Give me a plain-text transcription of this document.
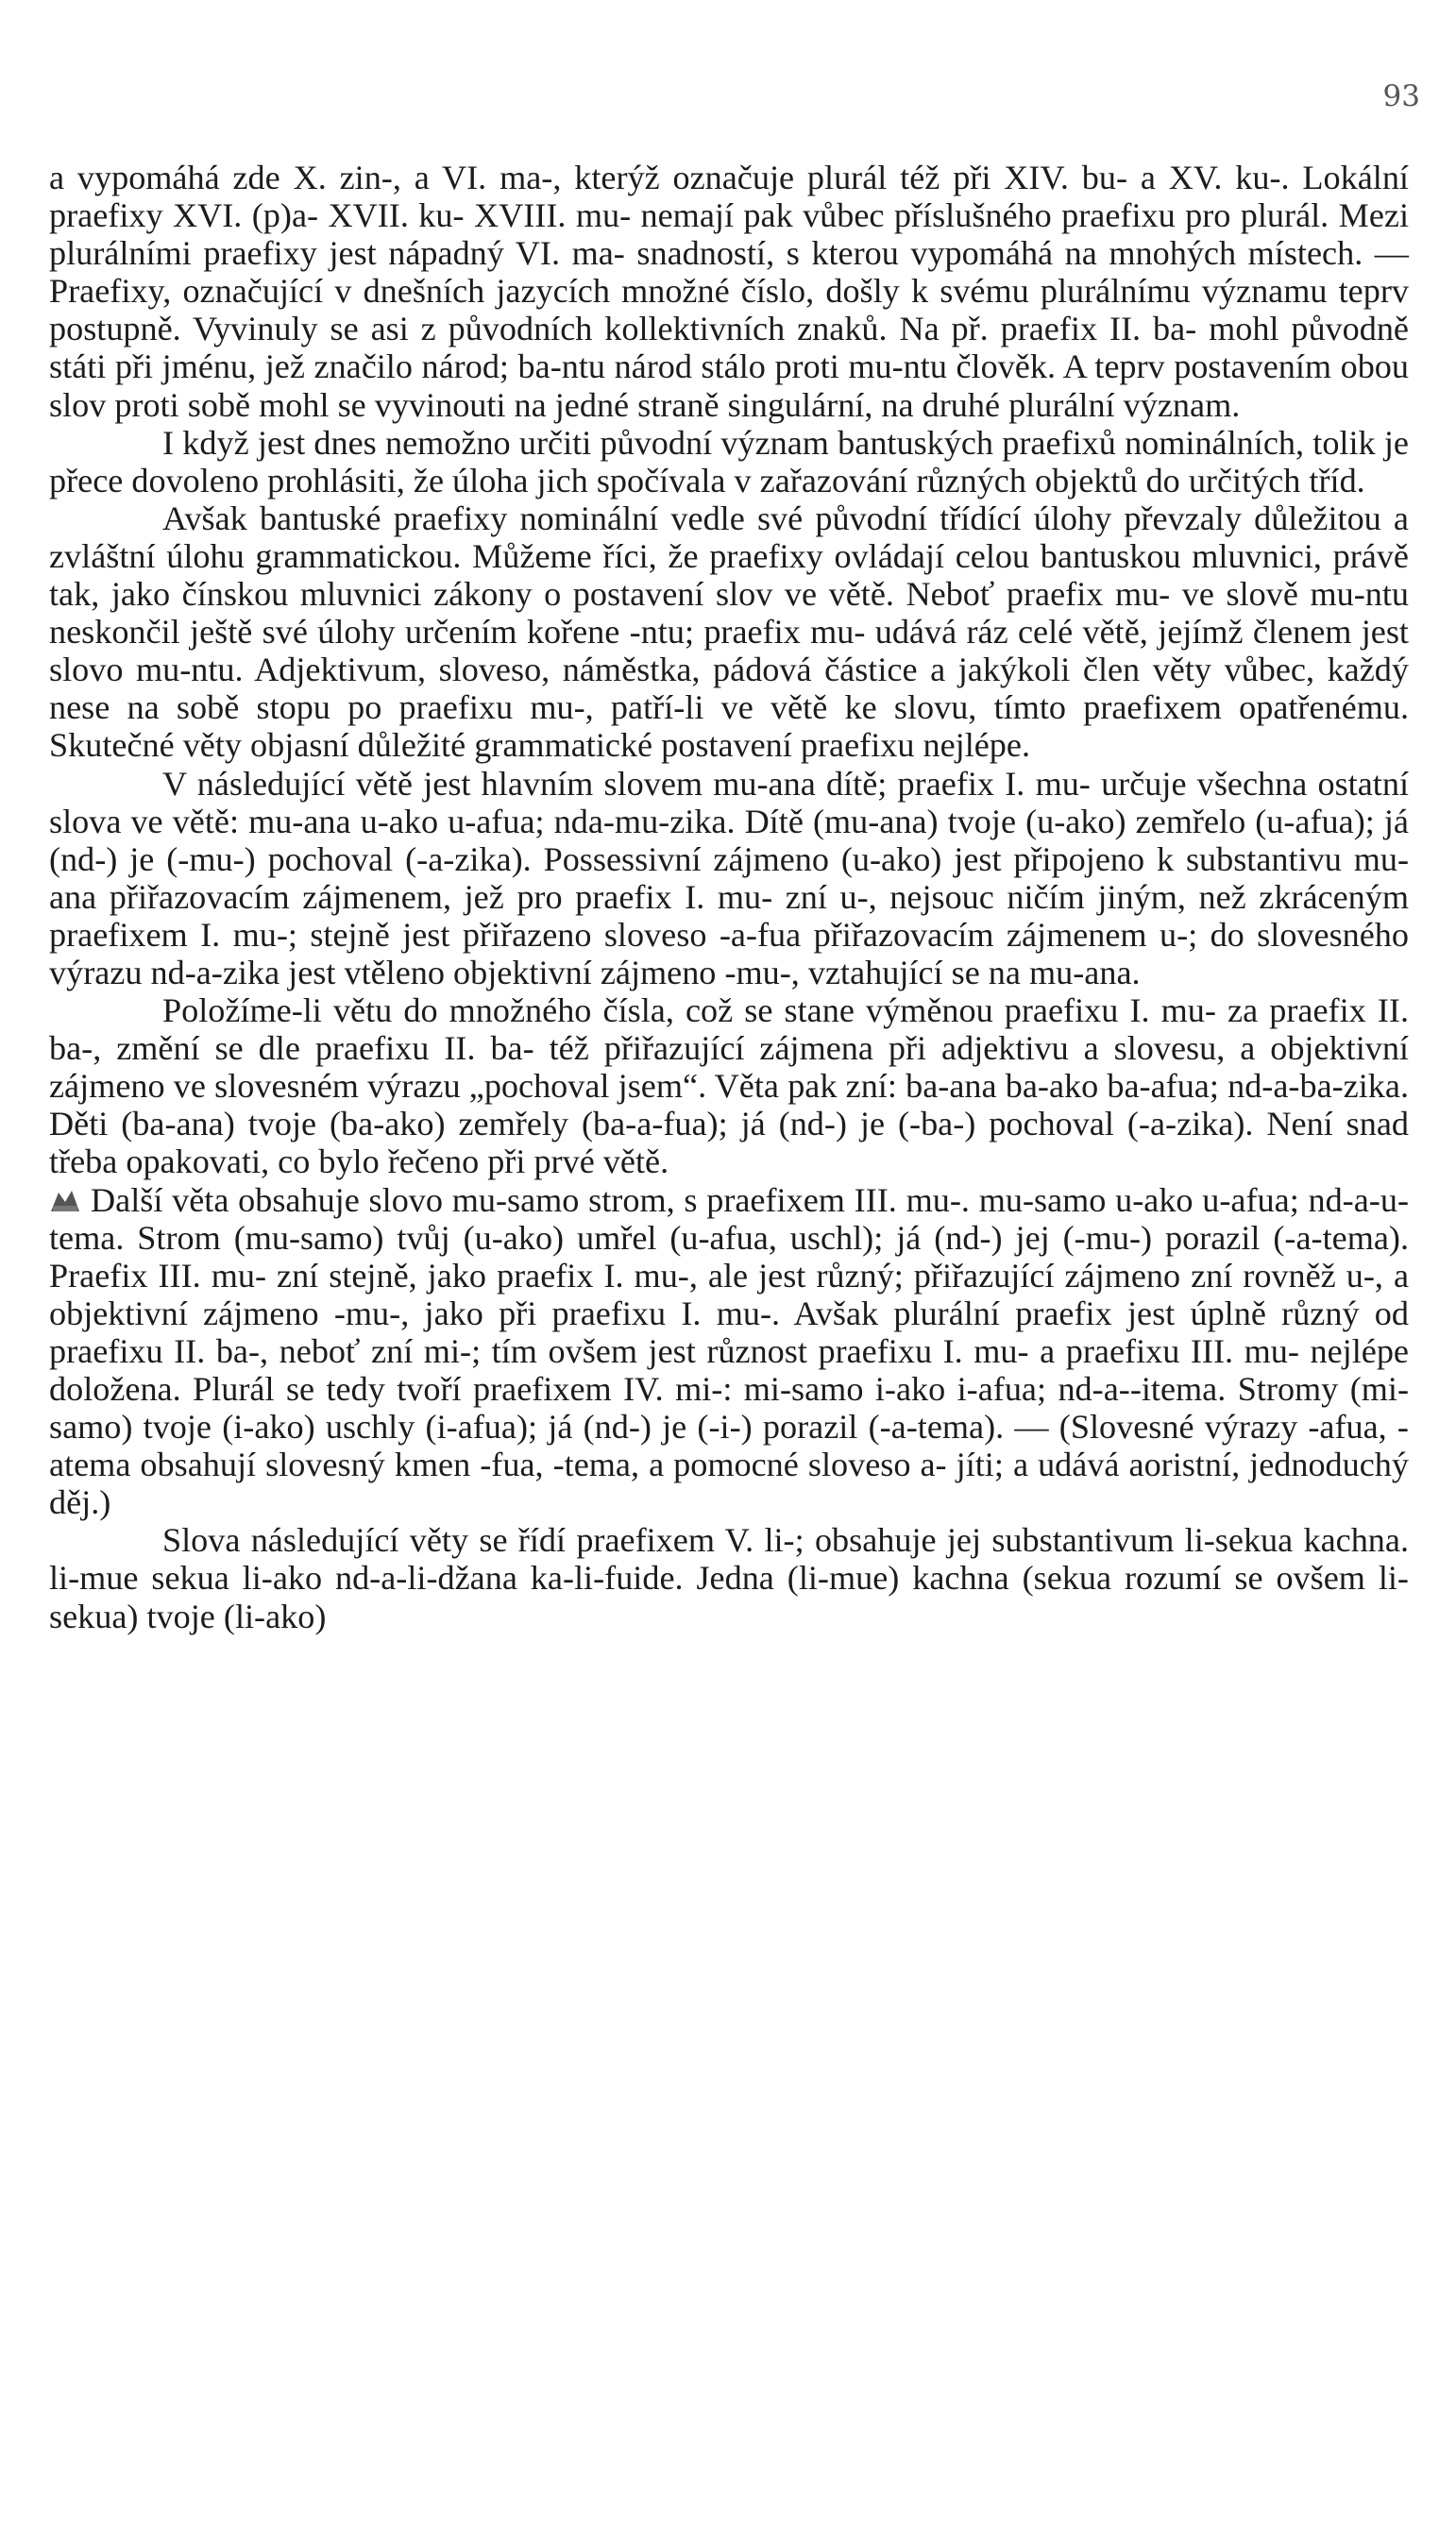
93

a vypomáhá zde X. zin-, a VI. ma-, kterýž označuje plurál též při XIV. bu- a XV. ku-. Lokální praefixy XVI. (p)a- XVII. ku- XVIII. mu- nemají pak vůbec příslušného praefixu pro plurál. Mezi plurálními praefixy jest nápadný VI. ma- snadností, s kterou vypomáhá na mnohých místech. — Praefixy, označující v dnešních jazycích množné číslo, došly k svému plurálnímu významu teprv postupně. Vyvinuly se asi z původních kollektivních znaků. Na př. praefix II. ba- mohl původně státi při jménu, jež značilo národ; ba-ntu národ stálo proti mu-ntu člověk. A teprv postavením obou slov proti sobě mohl se vyvinouti na jedné straně singulární, na druhé plurální význam.

I když jest dnes nemožno určiti původní význam bantuských praefixů nominálních, tolik je přece dovoleno prohlásiti, že úloha jich spočívala v zařazování různých objektů do určitých tříd.

Avšak bantuské praefixy nominální vedle své původní třídící úlohy převzaly důležitou a zvláštní úlohu grammatickou. Můžeme říci, že praefixy ovládají celou bantuskou mluvnici, právě tak, jako čínskou mluvnici zákony o postavení slov ve větě. Neboť praefix mu- ve slově mu-ntu neskončil ještě své úlohy určením kořene -ntu; praefix mu- udává ráz celé větě, jejímž členem jest slovo mu-ntu. Adjektivum, sloveso, náměstka, pádová částice a jakýkoli člen věty vůbec, každý nese na sobě stopu po praefixu mu-, patří-li ve větě ke slovu, tímto praefixem opatřenému. Skutečné věty objasní důležité grammatické postavení praefixu nejlépe.

V následující větě jest hlavním slovem mu-ana dítě; praefix I. mu- určuje všechna ostatní slova ve větě: mu-ana u-ako u-afua; nda-mu-zika. Dítě (mu-ana) tvoje (u-ako) zemřelo (u-afua); já (nd-) je (-mu-) pochoval (-a-zika). Possessivní zájmeno (u-ako) jest připojeno k substantivu mu-ana přiřazovacím zájmenem, jež pro praefix I. mu- zní u-, nejsouc ničím jiným, než zkráceným praefixem I. mu-; stejně jest přiřazeno sloveso -a-fua přiřazovacím zájmenem u-; do slovesného výrazu nd-a-zika jest vtěleno objektivní zájmeno -mu-, vztahující se na mu-ana.

Položíme-li větu do množného čísla, což se stane výměnou praefixu I. mu- za praefix II. ba-, změní se dle praefixu II. ba- též přiřazující zájmena při adjektivu a slovesu, a objektivní zájmeno ve slovesném výrazu „pochoval jsem“. Věta pak zní: ba-ana ba-ako ba-afua; nd-a-ba-zika. Děti (ba-ana) tvoje (ba-ako) zemřely (ba-a-fua); já (nd-) je (-ba-) pochoval (-a-zika). Není snad třeba opakovati, co bylo řečeno při prvé větě.

Další věta obsahuje slovo mu-samo strom, s praefixem III. mu-. mu-samo u-ako u-afua; nd-a-u-tema. Strom (mu-samo) tvůj (u-ako) umřel (u-afua, uschl); já (nd-) jej (-mu-) porazil (-a-tema). Praefix III. mu- zní stejně, jako praefix I. mu-, ale jest různý; přiřazující zájmeno zní rovněž u-, a objektivní zájmeno -mu-, jako při praefixu I. mu-. Avšak plurální praefix jest úplně různý od praefixu II. ba-, neboť zní mi-; tím ovšem jest různost praefixu I. mu- a praefixu III. mu- nejlépe doložena. Plurál se tedy tvoří praefixem IV. mi-: mi-samo i-ako i-afua; nd-a--itema. Stromy (mi-samo) tvoje (i-ako) uschly (i-afua); já (nd-) je (-i-) porazil (-a-tema). — (Slovesné výrazy -afua, -atema obsahují slovesný kmen -fua, -tema, a pomocné sloveso a- jíti; a udává aoristní, jednoduchý děj.)

Slova následující věty se řídí praefixem V. li-; obsahuje jej substantivum li-sekua kachna. li-mue sekua li-ako nd-a-li-džana ka-li-fuide. Jedna (li-mue) kachna (sekua rozumí se ovšem li-sekua) tvoje (li-ako)
